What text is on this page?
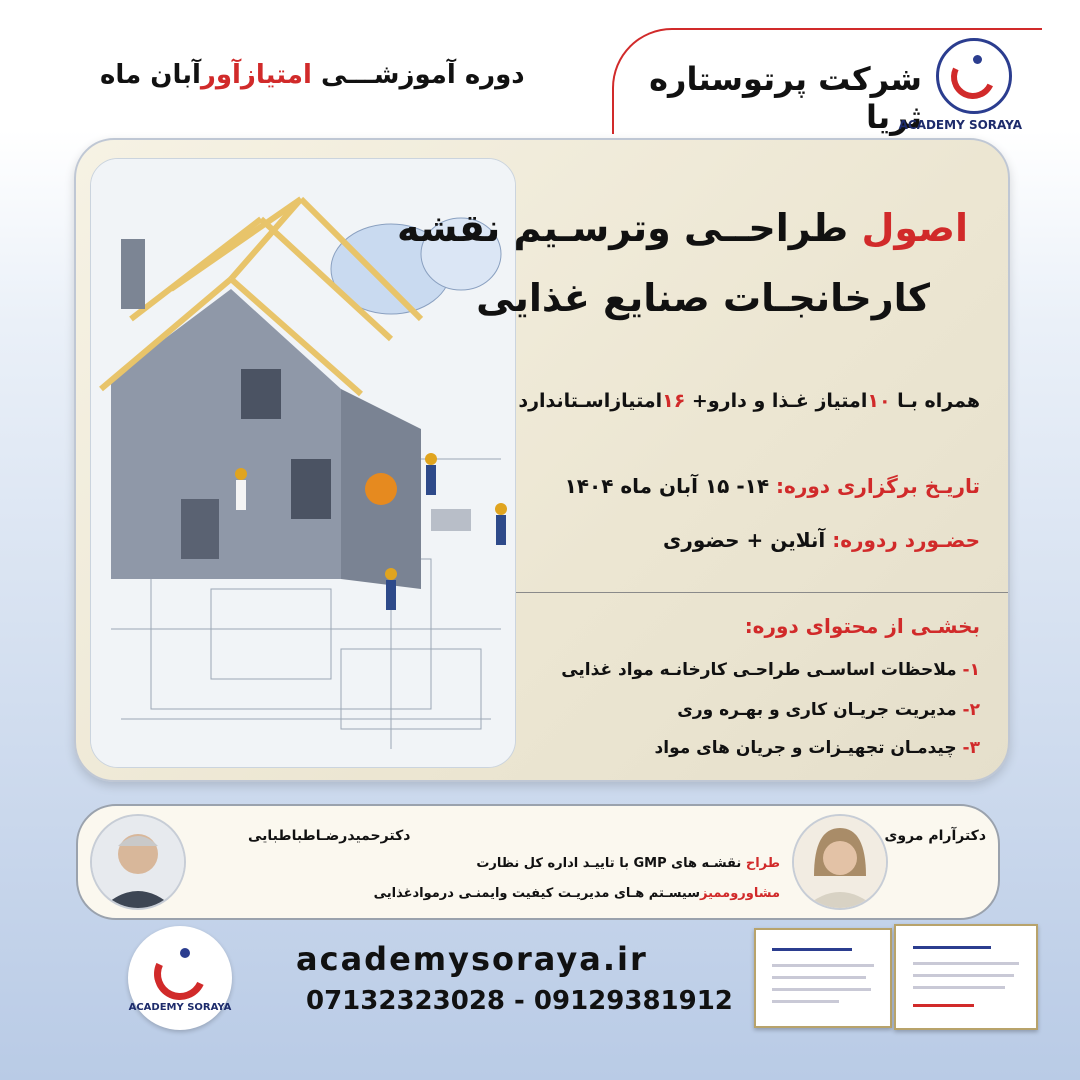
شرکت پرتوستاره ثریا
ACADEMY SORAYA
دوره آموزشـــی امتیازآورآبان ماه
اصول طراحــی وترسـیم نقشه
کارخانجـات صنایع غذایی
همراه بـا ۱۰امتیاز غـذا و دارو+ ۱۶امتیازاسـتاندارد
تاریـخ برگزاری دوره: ۱۴- ۱۵ آبان ماه ۱۴۰۴
حضـورد ردوره: آنلاین + حضوری
بخشـی از محتوای دوره:
۱- ملاحظات اساسـی طراحـی کارخانـه مواد غذایی
۲- مدیریت جریـان کاری و بهـره وری
۳- چیدمـان تجهیـزات و جریان های مواد
دکترحمیدرضـاطباطبایی	دکترآرام مروی
طراح نقشـه های GMP با تاییـد اداره کل نظارت
مشاوروممیزسیسـتم هـای مدیریـت کیفیت وایمنـی درموادغذایی
ACADEMY SORAYA
academysoraya.ir
07132323028 - 09129381912
